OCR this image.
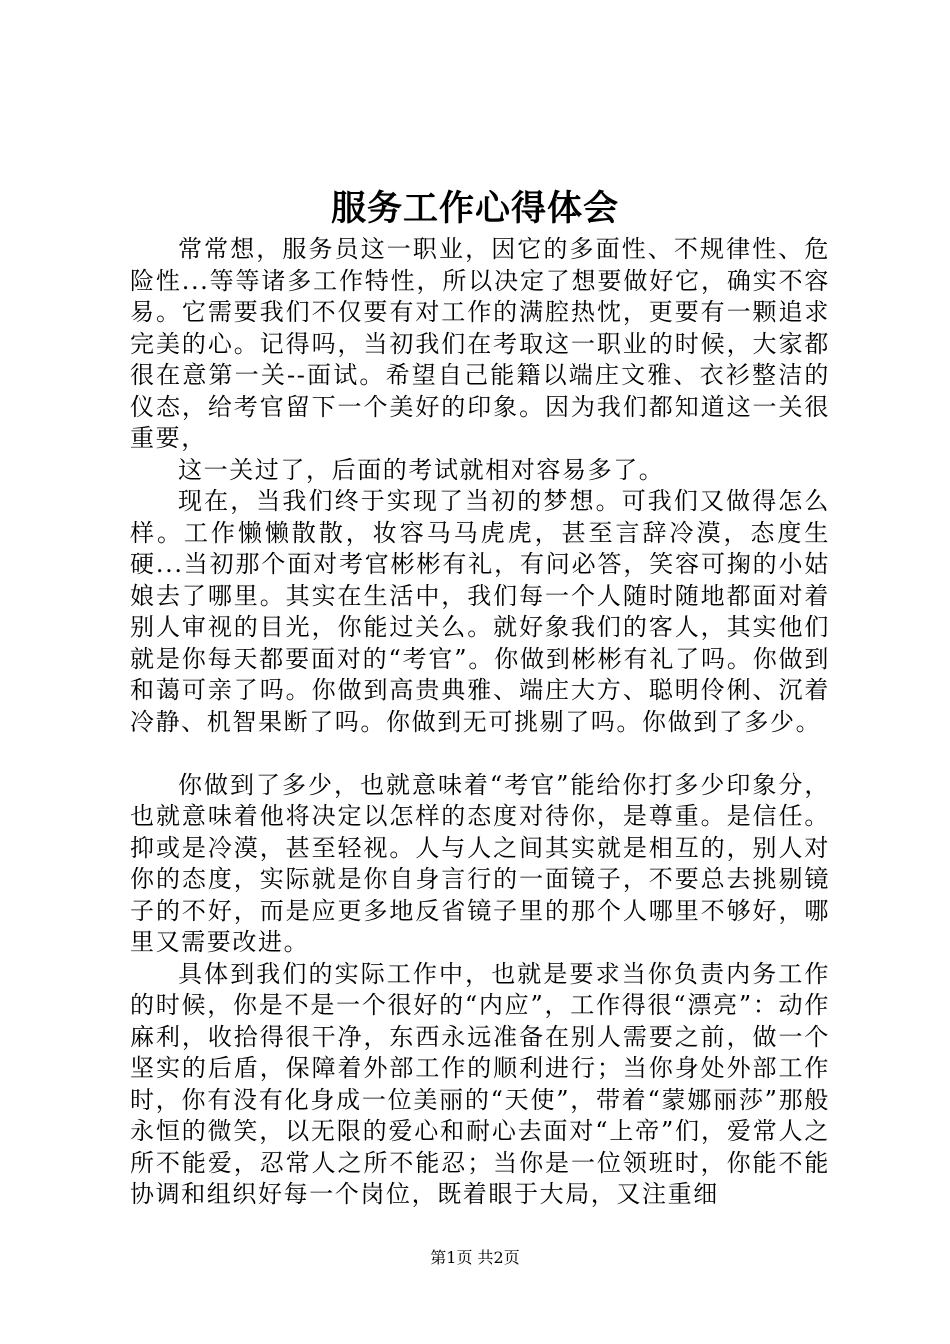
服务工作心得体会

常常想，服务员这一职业，因它的多面性、不规律性、危险性...等等诸多工作特性，所以决定了想要做好它，确实不容易。它需要我们不仅要有对工作的满腔热忱，更要有一颗追求完美的心。记得吗，当初我们在考取这一职业的时候，大家都很在意第一关--面试。希望自己能籍以端庄文雅、衣衫整洁的仪态，给考官留下一个美好的印象。因为我们都知道这一关很重要，

这一关过了，后面的考试就相对容易多了。

现在，当我们终于实现了当初的梦想。可我们又做得怎么样。工作懒懒散散，妆容马马虎虎，甚至言辞冷漠，态度生硬...当初那个面对考官彬彬有礼，有问必答，笑容可掬的小姑娘去了哪里。其实在生活中，我们每一个人随时随地都面对着别人审视的目光，你能过关么。就好象我们的客人，其实他们就是你每天都要面对的“考官”。你做到彬彬有礼了吗。你做到和蔼可亲了吗。你做到高贵典雅、端庄大方、聪明伶俐、沉着冷静、机智果断了吗。你做到无可挑剔了吗。你做到了多少。

你做到了多少，也就意味着“考官”能给你打多少印象分，也就意味着他将决定以怎样的态度对待你，是尊重。是信任。抑或是冷漠，甚至轻视。人与人之间其实就是相互的，别人对你的态度，实际就是你自身言行的一面镜子，不要总去挑剔镜子的不好，而是应更多地反省镜子里的那个人哪里不够好，哪里又需要改进。

具体到我们的实际工作中，也就是要求当你负责内务工作的时候，你是不是一个很好的“内应”，工作得很“漂亮”：动作麻利，收拾得很干净，东西永远准备在别人需要之前，做一个坚实的后盾，保障着外部工作的顺利进行；当你身处外部工作时，你有没有化身成一位美丽的“天使”，带着“蒙娜丽莎”那般永恒的微笑，以无限的爱心和耐心去面对“上帝”们，爱常人之所不能爱，忍常人之所不能忍；当你是一位领班时，你能不能协调和组织好每一个岗位，既着眼于大局，又注重细

第1页 共2页
